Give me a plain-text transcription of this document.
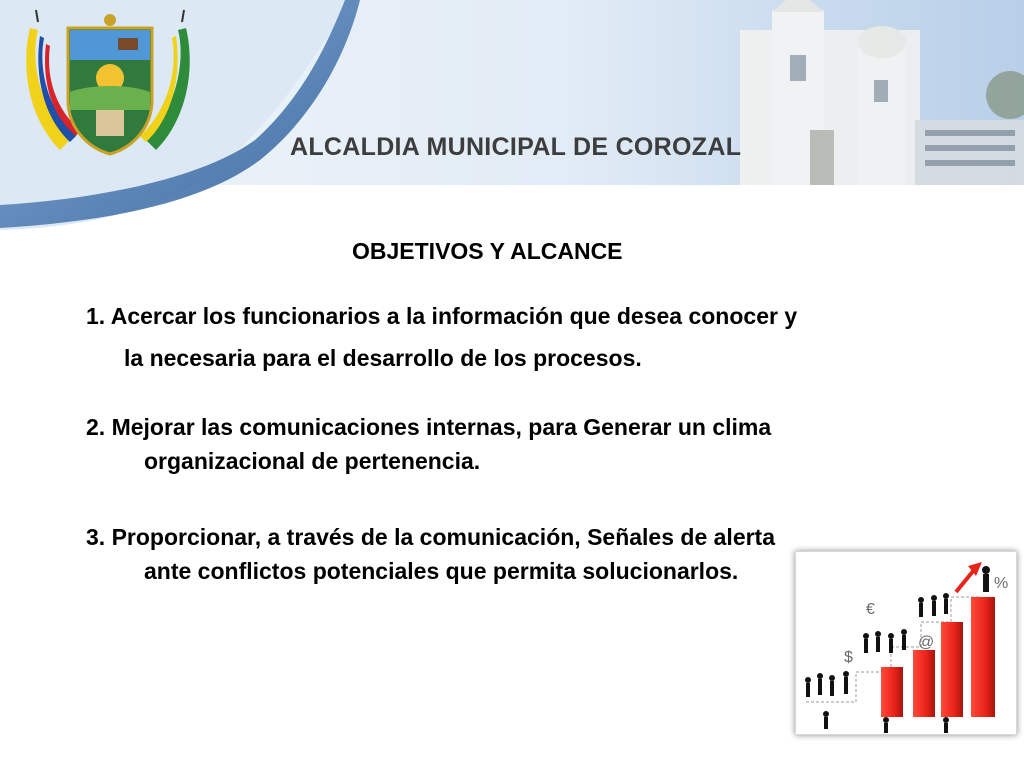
ALCALDIA MUNICIPAL DE COROZAL
OBJETIVOS Y ALCANCE
1. Acercar los funcionarios a la información que desea conocer y
la necesaria para el desarrollo de los procesos.
2. Mejorar las comunicaciones internas, para Generar un clima
organizacional de pertenencia.
3. Proporcionar, a través de la comunicación, Señales de alerta
ante conflictos potenciales que permita solucionarlos.
$
€
@
%
